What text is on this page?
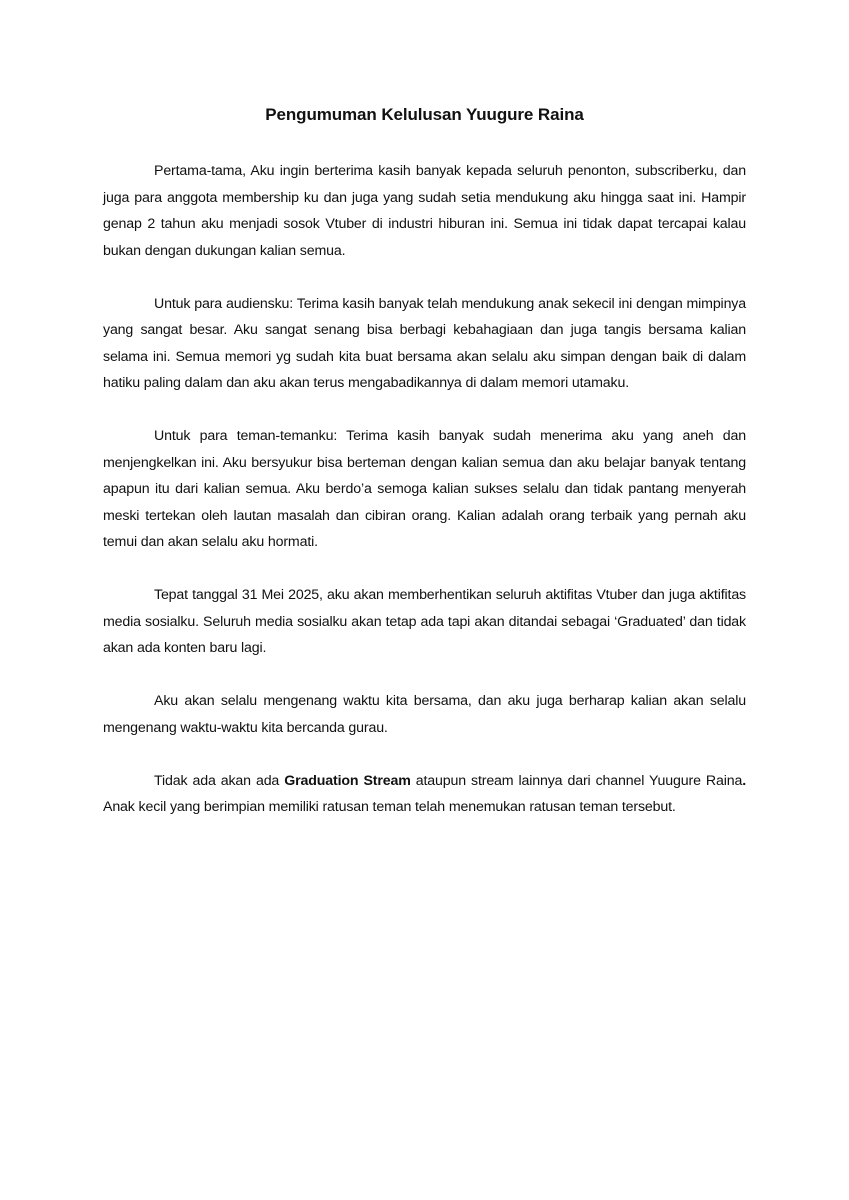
Pengumuman Kelulusan Yuugure Raina

Pertama-tama, Aku ingin berterima kasih banyak kepada seluruh penonton, subscriberku, dan juga para anggota membership ku dan juga yang sudah setia mendukung aku hingga saat ini. Hampir genap 2 tahun aku menjadi sosok Vtuber di industri hiburan ini. Semua ini tidak dapat tercapai kalau bukan dengan dukungan kalian semua.

Untuk para audiensku: Terima kasih banyak telah mendukung anak sekecil ini dengan mimpinya yang sangat besar. Aku sangat senang bisa berbagi kebahagiaan dan juga tangis bersama kalian selama ini. Semua memori yg sudah kita buat bersama akan selalu aku simpan dengan baik di dalam hatiku paling dalam dan aku akan terus mengabadikannya di dalam memori utamaku.

Untuk para teman-temanku: Terima kasih banyak sudah menerima aku yang aneh dan menjengkelkan ini. Aku bersyukur bisa berteman dengan kalian semua dan aku belajar banyak tentang apapun itu dari kalian semua. Aku berdo’a semoga kalian sukses selalu dan tidak pantang menyerah meski tertekan oleh lautan masalah dan cibiran orang. Kalian adalah orang terbaik yang pernah aku temui dan akan selalu aku hormati.

Tepat tanggal 31 Mei 2025, aku akan memberhentikan seluruh aktifitas Vtuber dan juga aktifitas media sosialku. Seluruh media sosialku akan tetap ada tapi akan ditandai sebagai ‘Graduated’ dan tidak akan ada konten baru lagi.

Aku akan selalu mengenang waktu kita bersama, dan aku juga berharap kalian akan selalu mengenang waktu-waktu kita bercanda gurau.

Tidak ada akan ada Graduation Stream ataupun stream lainnya dari channel Yuugure Raina. Anak kecil yang berimpian memiliki ratusan teman telah menemukan ratusan teman tersebut.
